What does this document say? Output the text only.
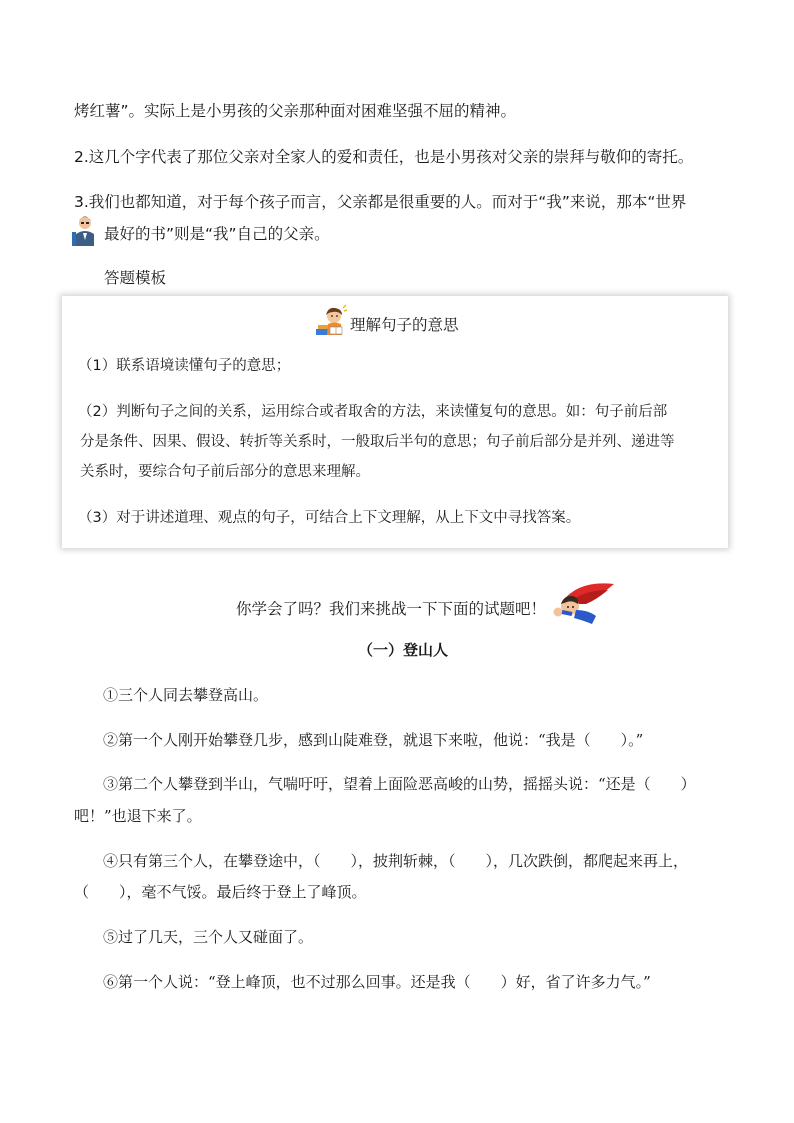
烤红薯”。实际上是小男孩的父亲那种面对困难坚强不屈的精神。

2.这几个字代表了那位父亲对全家人的爱和责任，也是小男孩对父亲的崇拜与敬仰的寄托。

3.我们也都知道，对于每个孩子而言，父亲都是很重要的人。而对于“我”来说，那本“世界

最好的书”则是“我”自己的父亲。

答题模板

理解句子的意思

（1）联系语境读懂句子的意思；

（2）判断句子之间的关系，运用综合或者取舍的方法，来读懂复句的意思。如：句子前后部

分是条件、因果、假设、转折等关系时，一般取后半句的意思；句子前后部分是并列、递进等

关系时，要综合句子前后部分的意思来理解。

（3）对于讲述道理、观点的句子，可结合上下文理解，从上下文中寻找答案。

你学会了吗？我们来挑战一下下面的试题吧！

（一）登山人

①三个人同去攀登高山。

②第一个人刚开始攀登几步，感到山陡难登，就退下来啦，他说：“我是（　　）。”

③第二个人攀登到半山，气喘吁吁，望着上面险恶高峻的山势，摇摇头说：“还是（　　）

吧！”也退下来了。

④只有第三个人，在攀登途中，（　　），披荆斩棘，（　　），几次跌倒，都爬起来再上，

（　　），毫不气馁。最后终于登上了峰顶。

⑤过了几天，三个人又碰面了。

⑥第一个人说：“登上峰顶，也不过那么回事。还是我（　　）好，省了许多力气。”
